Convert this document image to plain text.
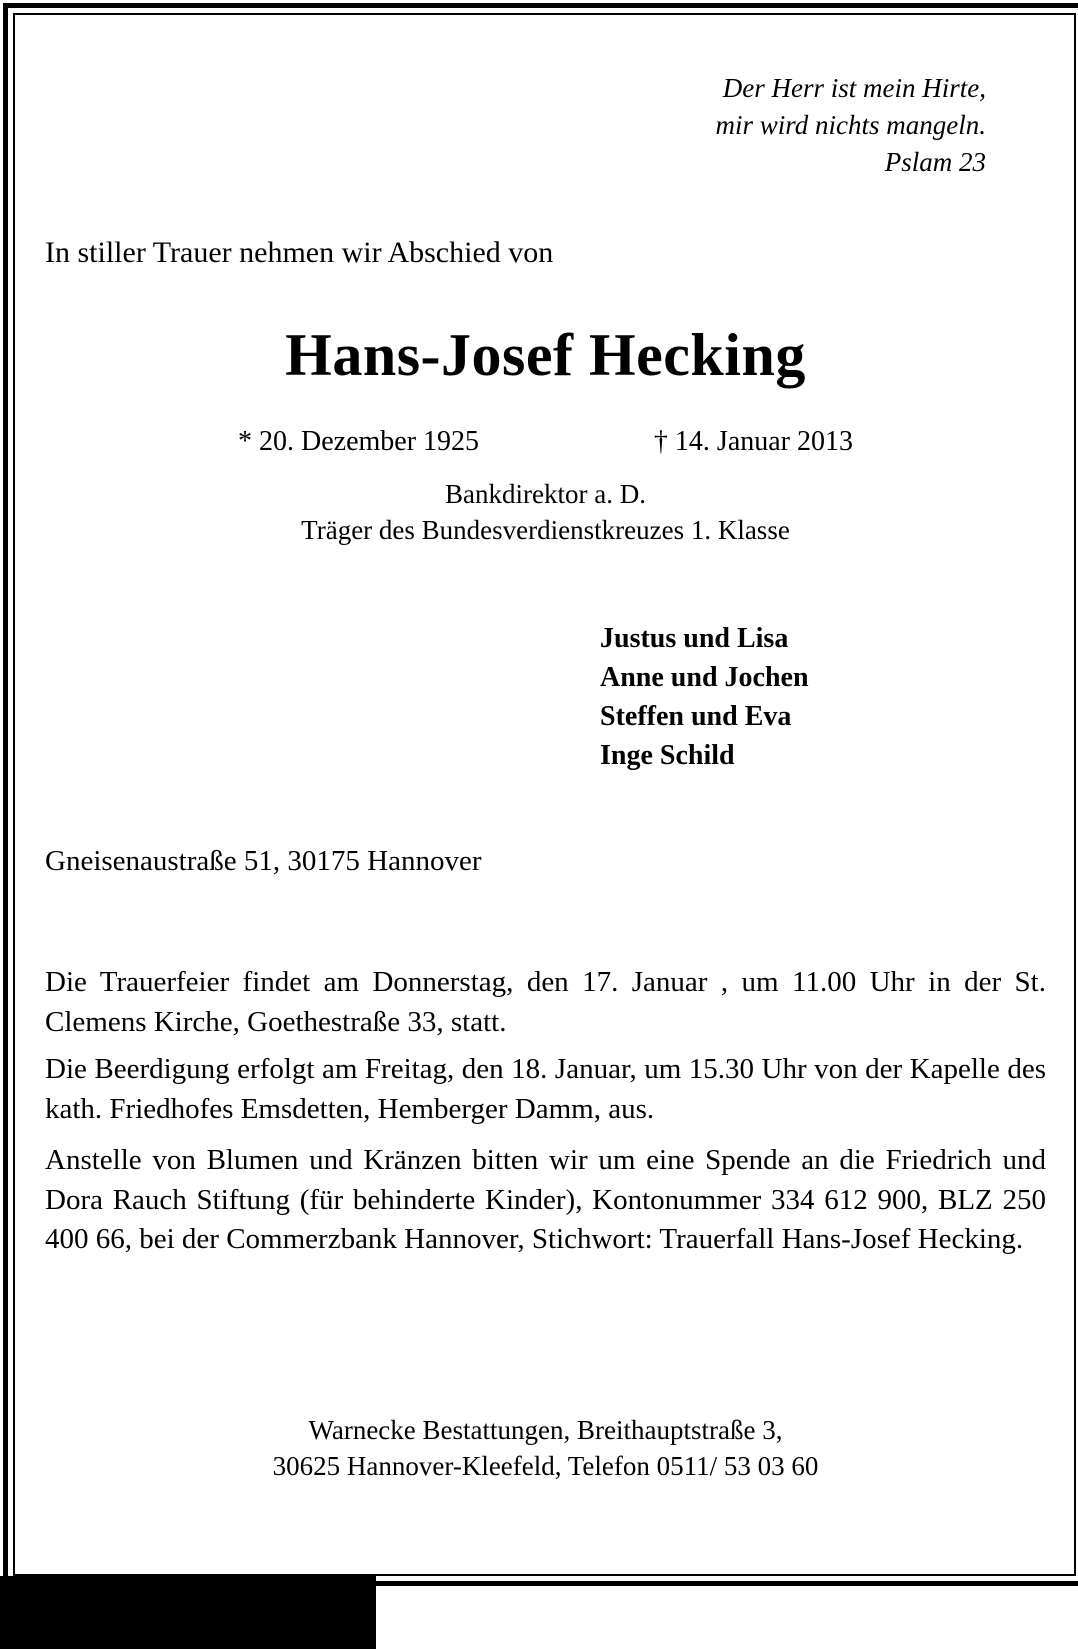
Der Herr ist mein Hirte,
mir wird nichts mangeln.
Pslam 23
In stiller Trauer nehmen wir Abschied von
Hans-Josef Hecking
* 20. Dezember 1925	† 14. Januar 2013
Bankdirektor a. D.
Träger des Bundesverdienstkreuzes 1. Klasse
Justus und Lisa
Anne und Jochen
Steffen und Eva
Inge Schild
Gneisenaustraße 51, 30175 Hannover

Die Trauerfeier findet am Donnerstag, den 17. Januar , um 11.00 Uhr in der St. Clemens Kirche, Goethestraße 33, statt.

Die Beerdigung erfolgt am Freitag, den 18. Januar, um 15.30 Uhr von der Kapelle des kath. Friedhofes Emsdetten, Hemberger Damm, aus.

Anstelle von Blumen und Kränzen bitten wir um eine Spende an die Friedrich und Dora Rauch Stiftung (für behinderte Kinder), Kontonummer 334 612 900, BLZ 250 400 66, bei der Commerzbank Hannover, Stichwort: Trauerfall Hans-Josef Hecking.

Warnecke Bestattungen, Breithauptstraße 3,
30625 Hannover-Kleefeld, Telefon 0511/ 53 03 60
